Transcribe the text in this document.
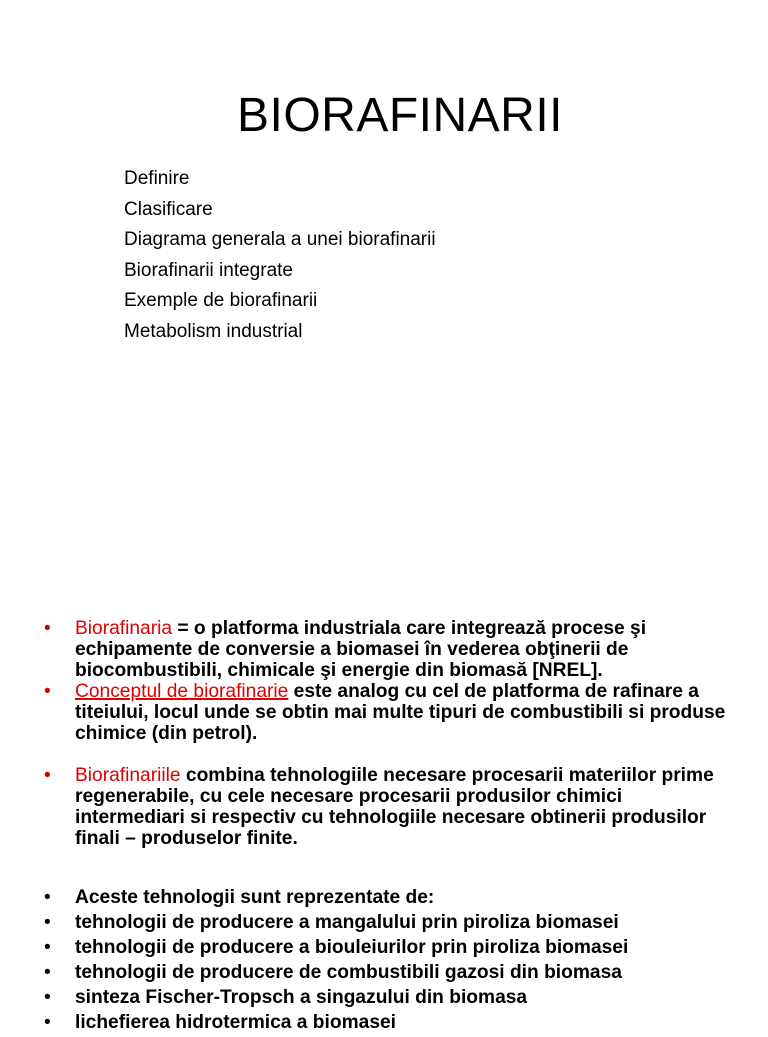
BIORAFINARII
Definire
Clasificare
Diagrama generala a unei biorafinarii
Biorafinarii integrate
Exemple de biorafinarii
Metabolism industrial
• Biorafinaria = o platforma industriala care integrează procese şi echipamente de conversie a biomasei în vederea obţinerii de biocombustibili, chimicale şi energie din biomasă [NREL].
• Conceptul de biorafinarie este analog cu cel de platforma de rafinare a titeiului, locul unde se obtin mai multe tipuri de combustibili si produse chimice (din petrol).
• Biorafinariile combina tehnologiile necesare procesarii materiilor prime regenerabile, cu cele necesare procesarii produsilor chimici intermediari si respectiv cu tehnologiile necesare obtinerii produsilor finali – produselor finite.
• Aceste tehnologii sunt reprezentate de:
• tehnologii de producere a mangalului prin piroliza biomasei
• tehnologii de producere a biouleiurilor prin piroliza biomasei
• tehnologii de producere de combustibili gazosi din biomasa
• sinteza Fischer-Tropsch a singazului din biomasa
• lichefierea hidrotermica a biomasei
